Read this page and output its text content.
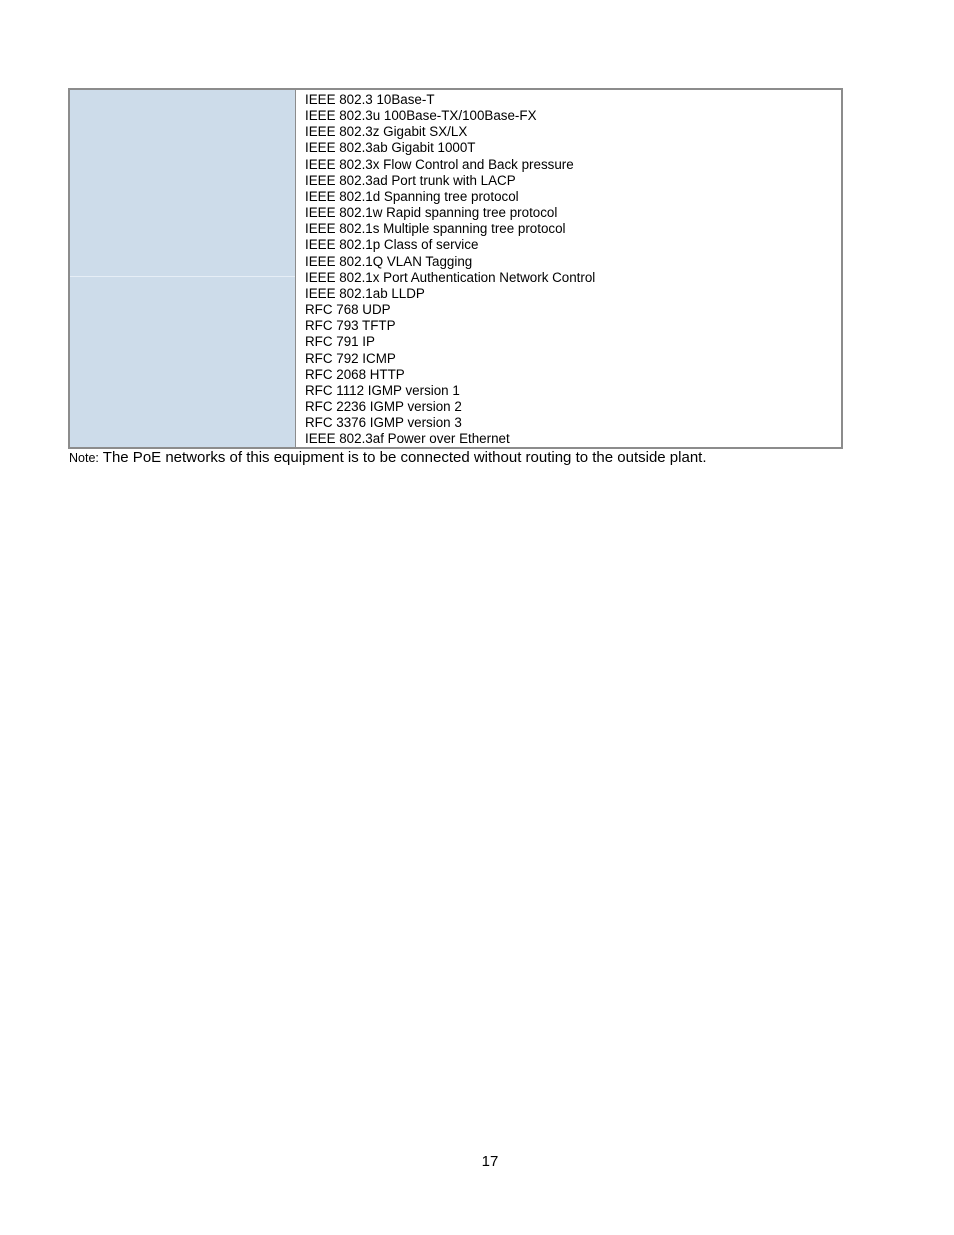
IEEE 802.3 10Base-T
IEEE 802.3u 100Base-TX/100Base-FX
IEEE 802.3z Gigabit SX/LX
IEEE 802.3ab Gigabit 1000T
IEEE 802.3x Flow Control and Back pressure
IEEE 802.3ad Port trunk with LACP
IEEE 802.1d Spanning tree protocol
IEEE 802.1w Rapid spanning tree protocol
IEEE 802.1s Multiple spanning tree protocol
IEEE 802.1p Class of service
IEEE 802.1Q VLAN Tagging
IEEE 802.1x Port Authentication Network Control
IEEE 802.1ab LLDP
RFC 768 UDP
RFC 793 TFTP
RFC 791 IP
RFC 792 ICMP
RFC 2068 HTTP
RFC 1112 IGMP version 1
RFC 2236 IGMP version 2
RFC 3376 IGMP version 3
IEEE 802.3af Power over Ethernet
Note: The PoE networks of this equipment is to be connected without routing to the outside plant.
17
